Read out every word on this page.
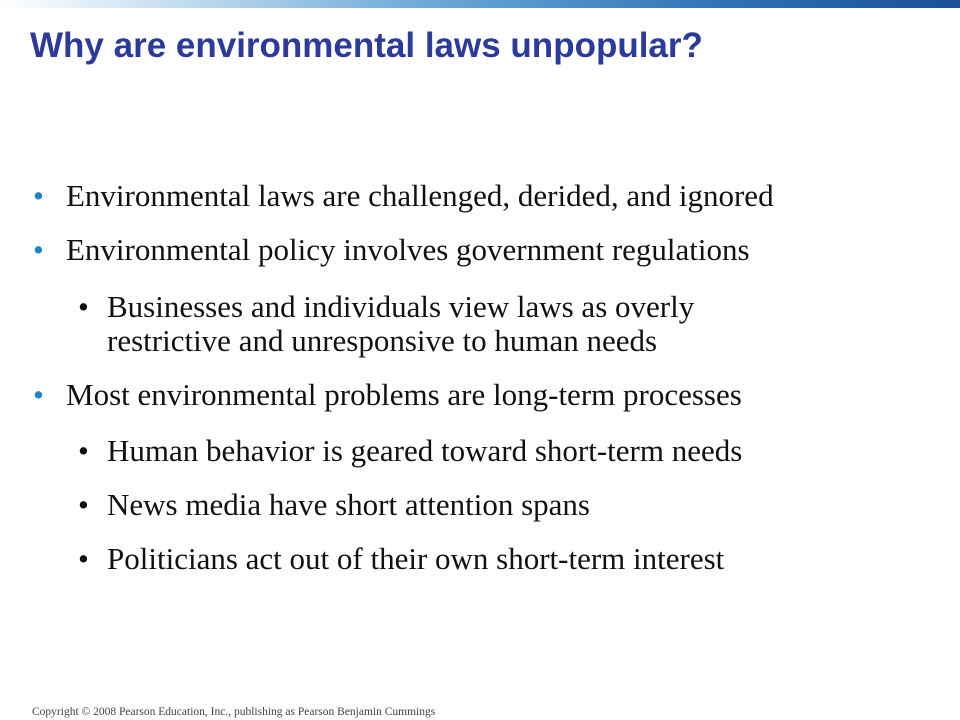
Why are environmental laws unpopular?
• Environmental laws are challenged, derided, and ignored
• Environmental policy involves government regulations
• Businesses and individuals view laws as overly
restrictive and unresponsive to human needs
• Most environmental problems are long-term processes
• Human behavior is geared toward short-term needs
• News media have short attention spans
• Politicians act out of their own short-term interest
Copyright © 2008 Pearson Education, Inc., publishing as Pearson Benjamin Cummings
